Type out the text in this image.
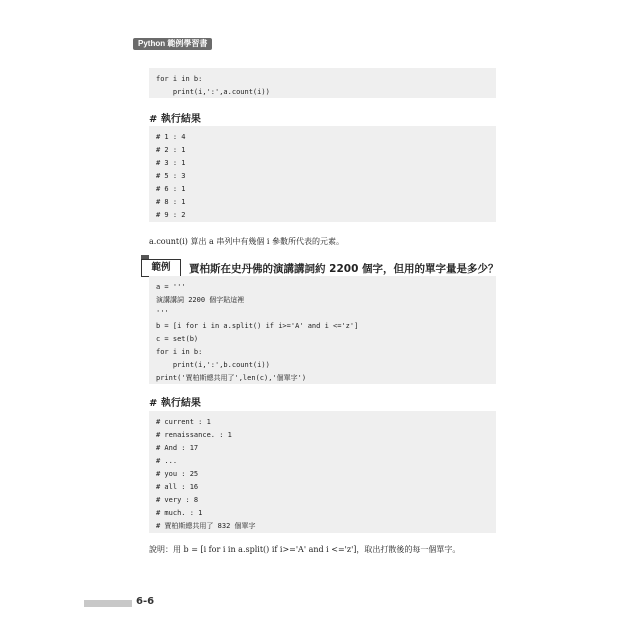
Python 範例學習書
for i in b:
print(i,':',a.count(i))
# 執行結果
# 1 : 4
# 2 : 1
# 3 : 1
# 5 : 3
# 6 : 1
# 8 : 1
# 9 : 2
a.count(i) 算出 a 串列中有幾個 i 參數所代表的元素。
範例	賈柏斯在史丹佛的演講講詞約 2200 個字，但用的單字量是多少？
a = '''
演講講詞 2200 個字貼這裡
'''
b = [i for i in a.split() if i>='A' and i <='z']
c = set(b)
for i in b:
print(i,':',b.count(i))
print('賈柏斯總共用了',len(c),'個單字')
# 執行結果
# current : 1
# renaissance. : 1
# And : 17
# ...
# you : 25
# all : 16
# very : 8
# much. : 1
# 賈柏斯總共用了 832 個單字
說明：用 b = [i for i in a.split() if i>='A' and i <='z']，取出打散後的每一個單字。
6-6
